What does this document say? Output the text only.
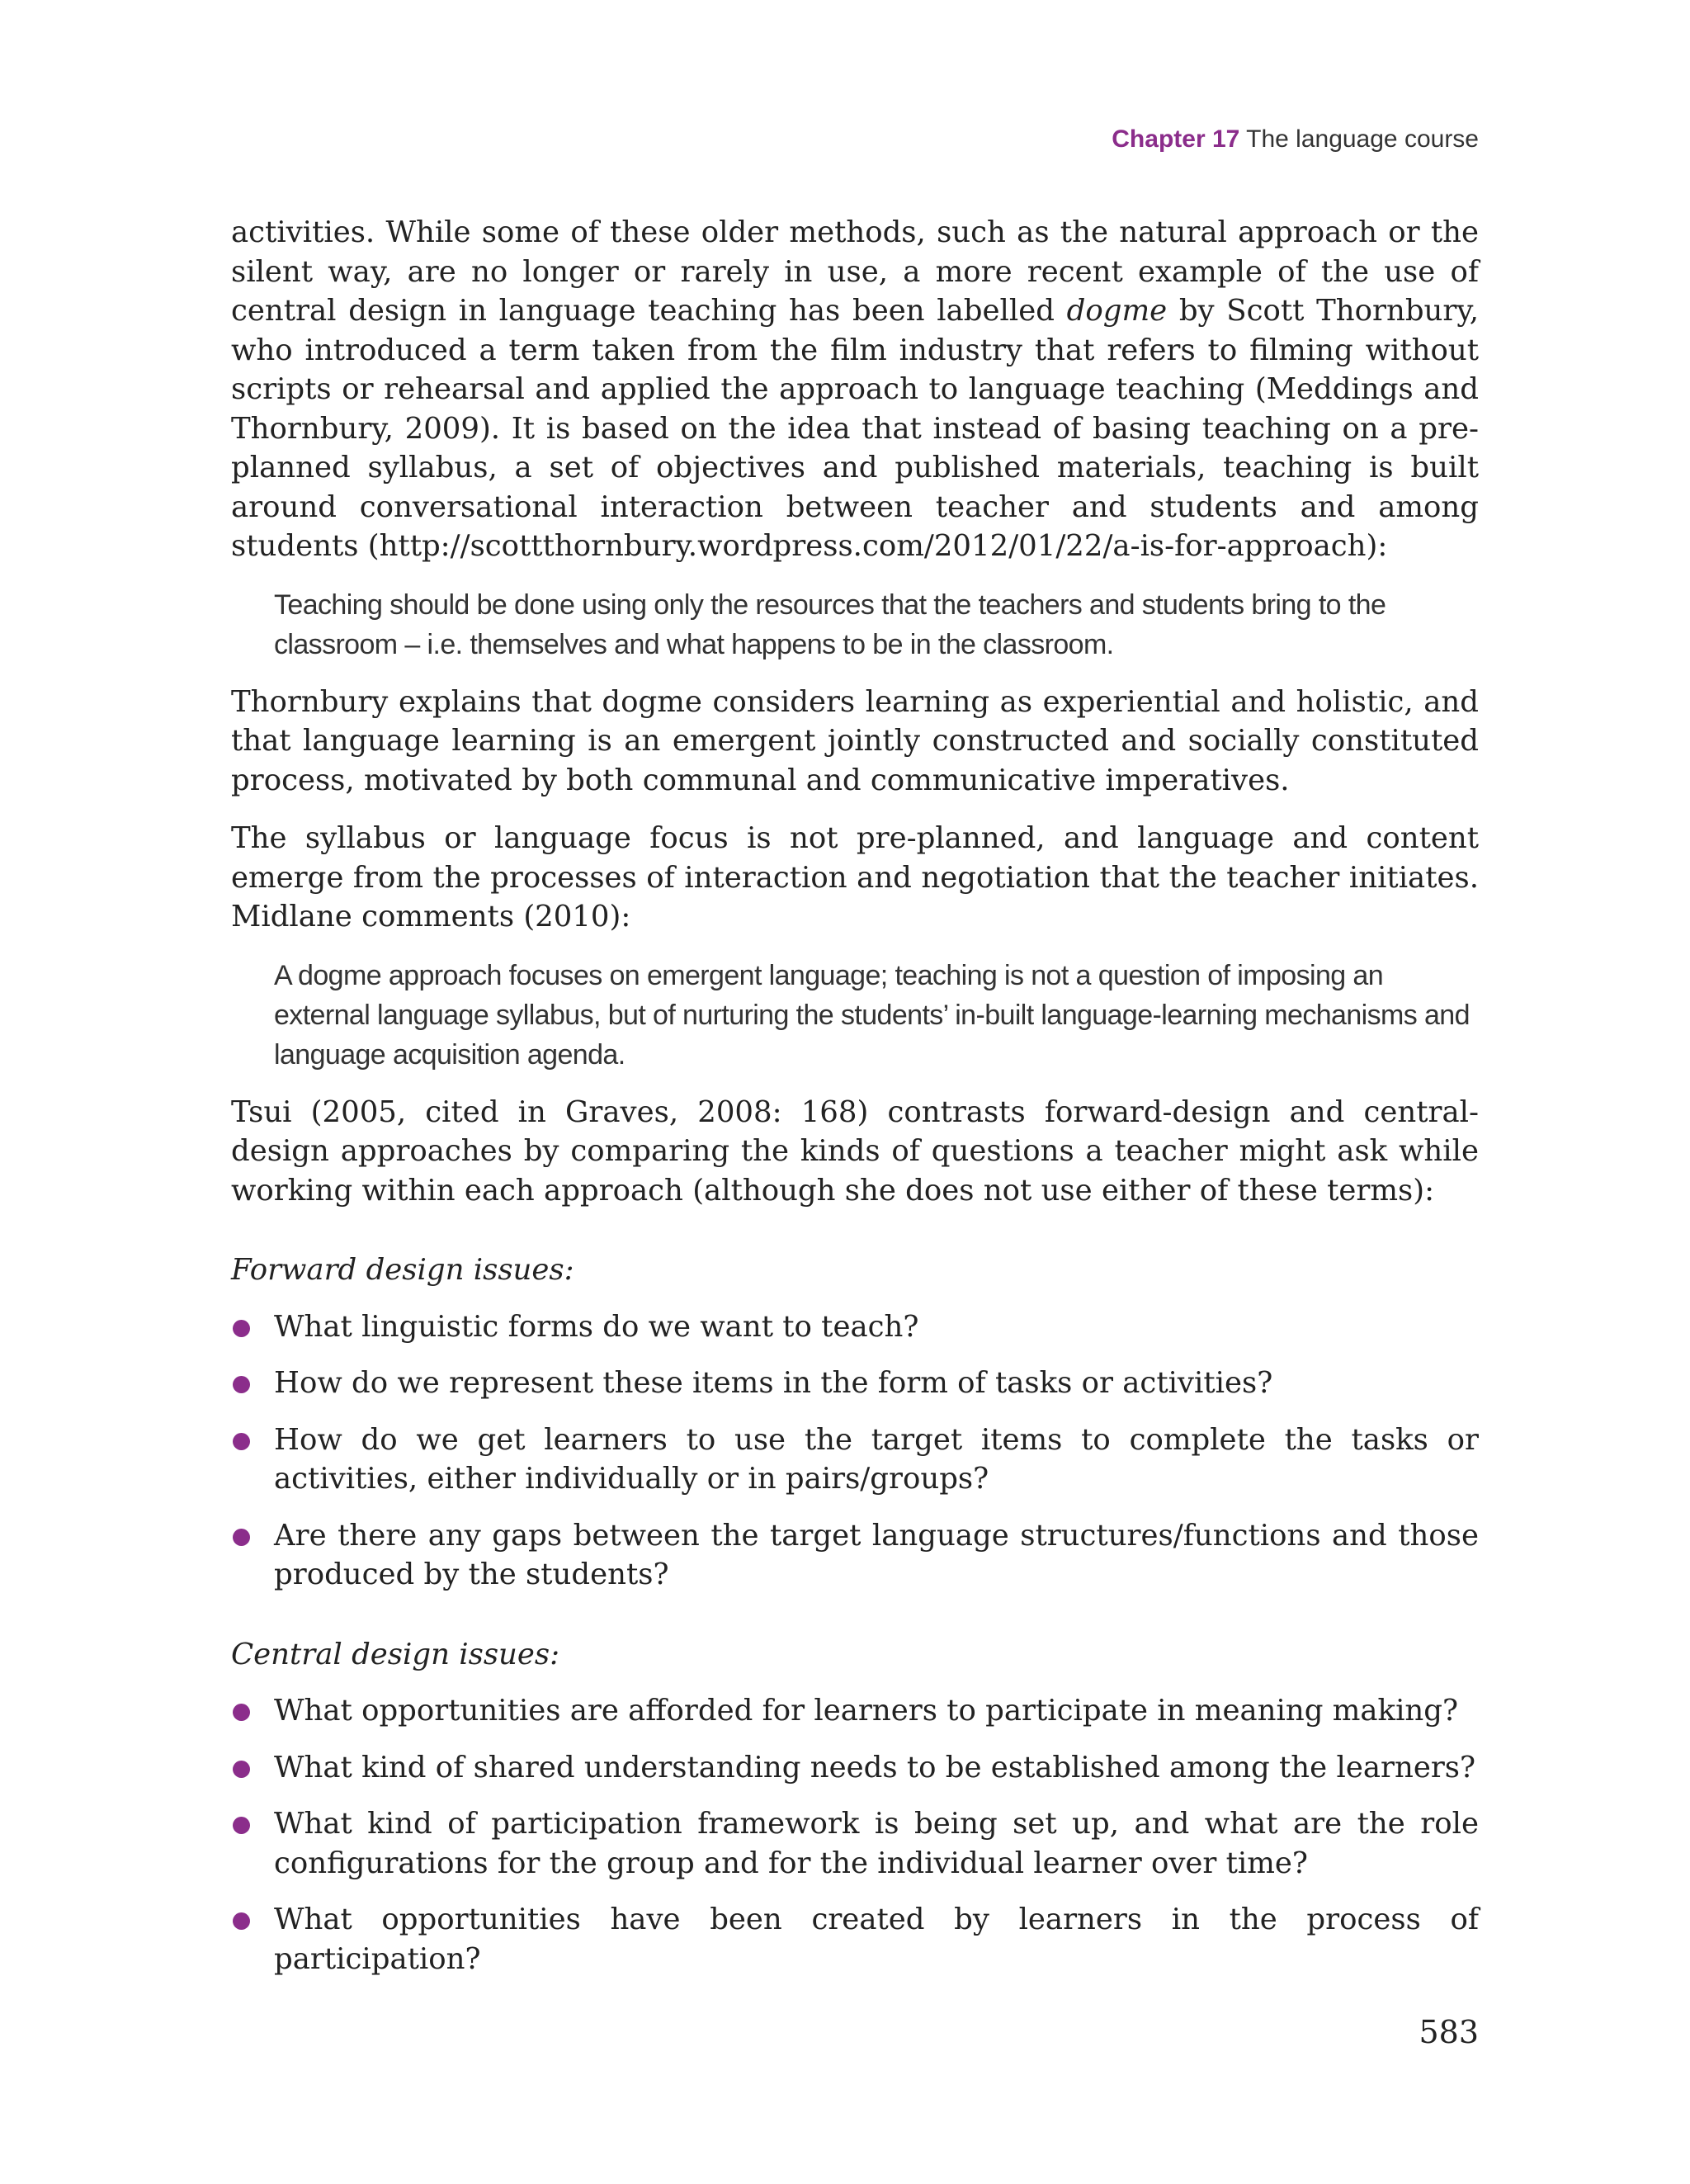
Chapter 17 The language course

activities. While some of these older methods, such as the natural approach or the silent way, are no longer or rarely in use, a more recent example of the use of central design in language teaching has been labelled dogme by Scott Thornbury, who introduced a term taken from the film industry that refers to filming without scripts or rehearsal and applied the approach to language teaching (Meddings and Thornbury, 2009). It is based on the idea that instead of basing teaching on a pre-planned syllabus, a set of objectives and published materials, teaching is built around conversational interaction between teacher and students and among students (http://scottthornbury.wordpress.com/2012/01/22/a-is-for-approach):

Teaching should be done using only the resources that the teachers and students bring to the classroom – i.e. themselves and what happens to be in the classroom.

Thornbury explains that dogme considers learning as experiential and holistic, and that language learning is an emergent jointly constructed and socially constituted process, motivated by both communal and communicative imperatives.

The syllabus or language focus is not pre-planned, and language and content emerge from the processes of interaction and negotiation that the teacher initiates. Midlane comments (2010):

A dogme approach focuses on emergent language; teaching is not a question of imposing an external language syllabus, but of nurturing the students’ in-built language-learning mechanisms and language acquisition agenda.

Tsui (2005, cited in Graves, 2008: 168) contrasts forward-design and central-design approaches by comparing the kinds of questions a teacher might ask while working within each approach (although she does not use either of these terms):

Forward design issues:
What linguistic forms do we want to teach?
How do we represent these items in the form of tasks or activities?
How do we get learners to use the target items to complete the tasks or activities, either individually or in pairs/groups?
Are there any gaps between the target language structures/functions and those produced by the students?
Central design issues:
What opportunities are afforded for learners to participate in meaning making?
What kind of shared understanding needs to be established among the learners?
What kind of participation framework is being set up, and what are the role configurations for the group and for the individual learner over time?
What opportunities have been created by learners in the process of participation?
583
